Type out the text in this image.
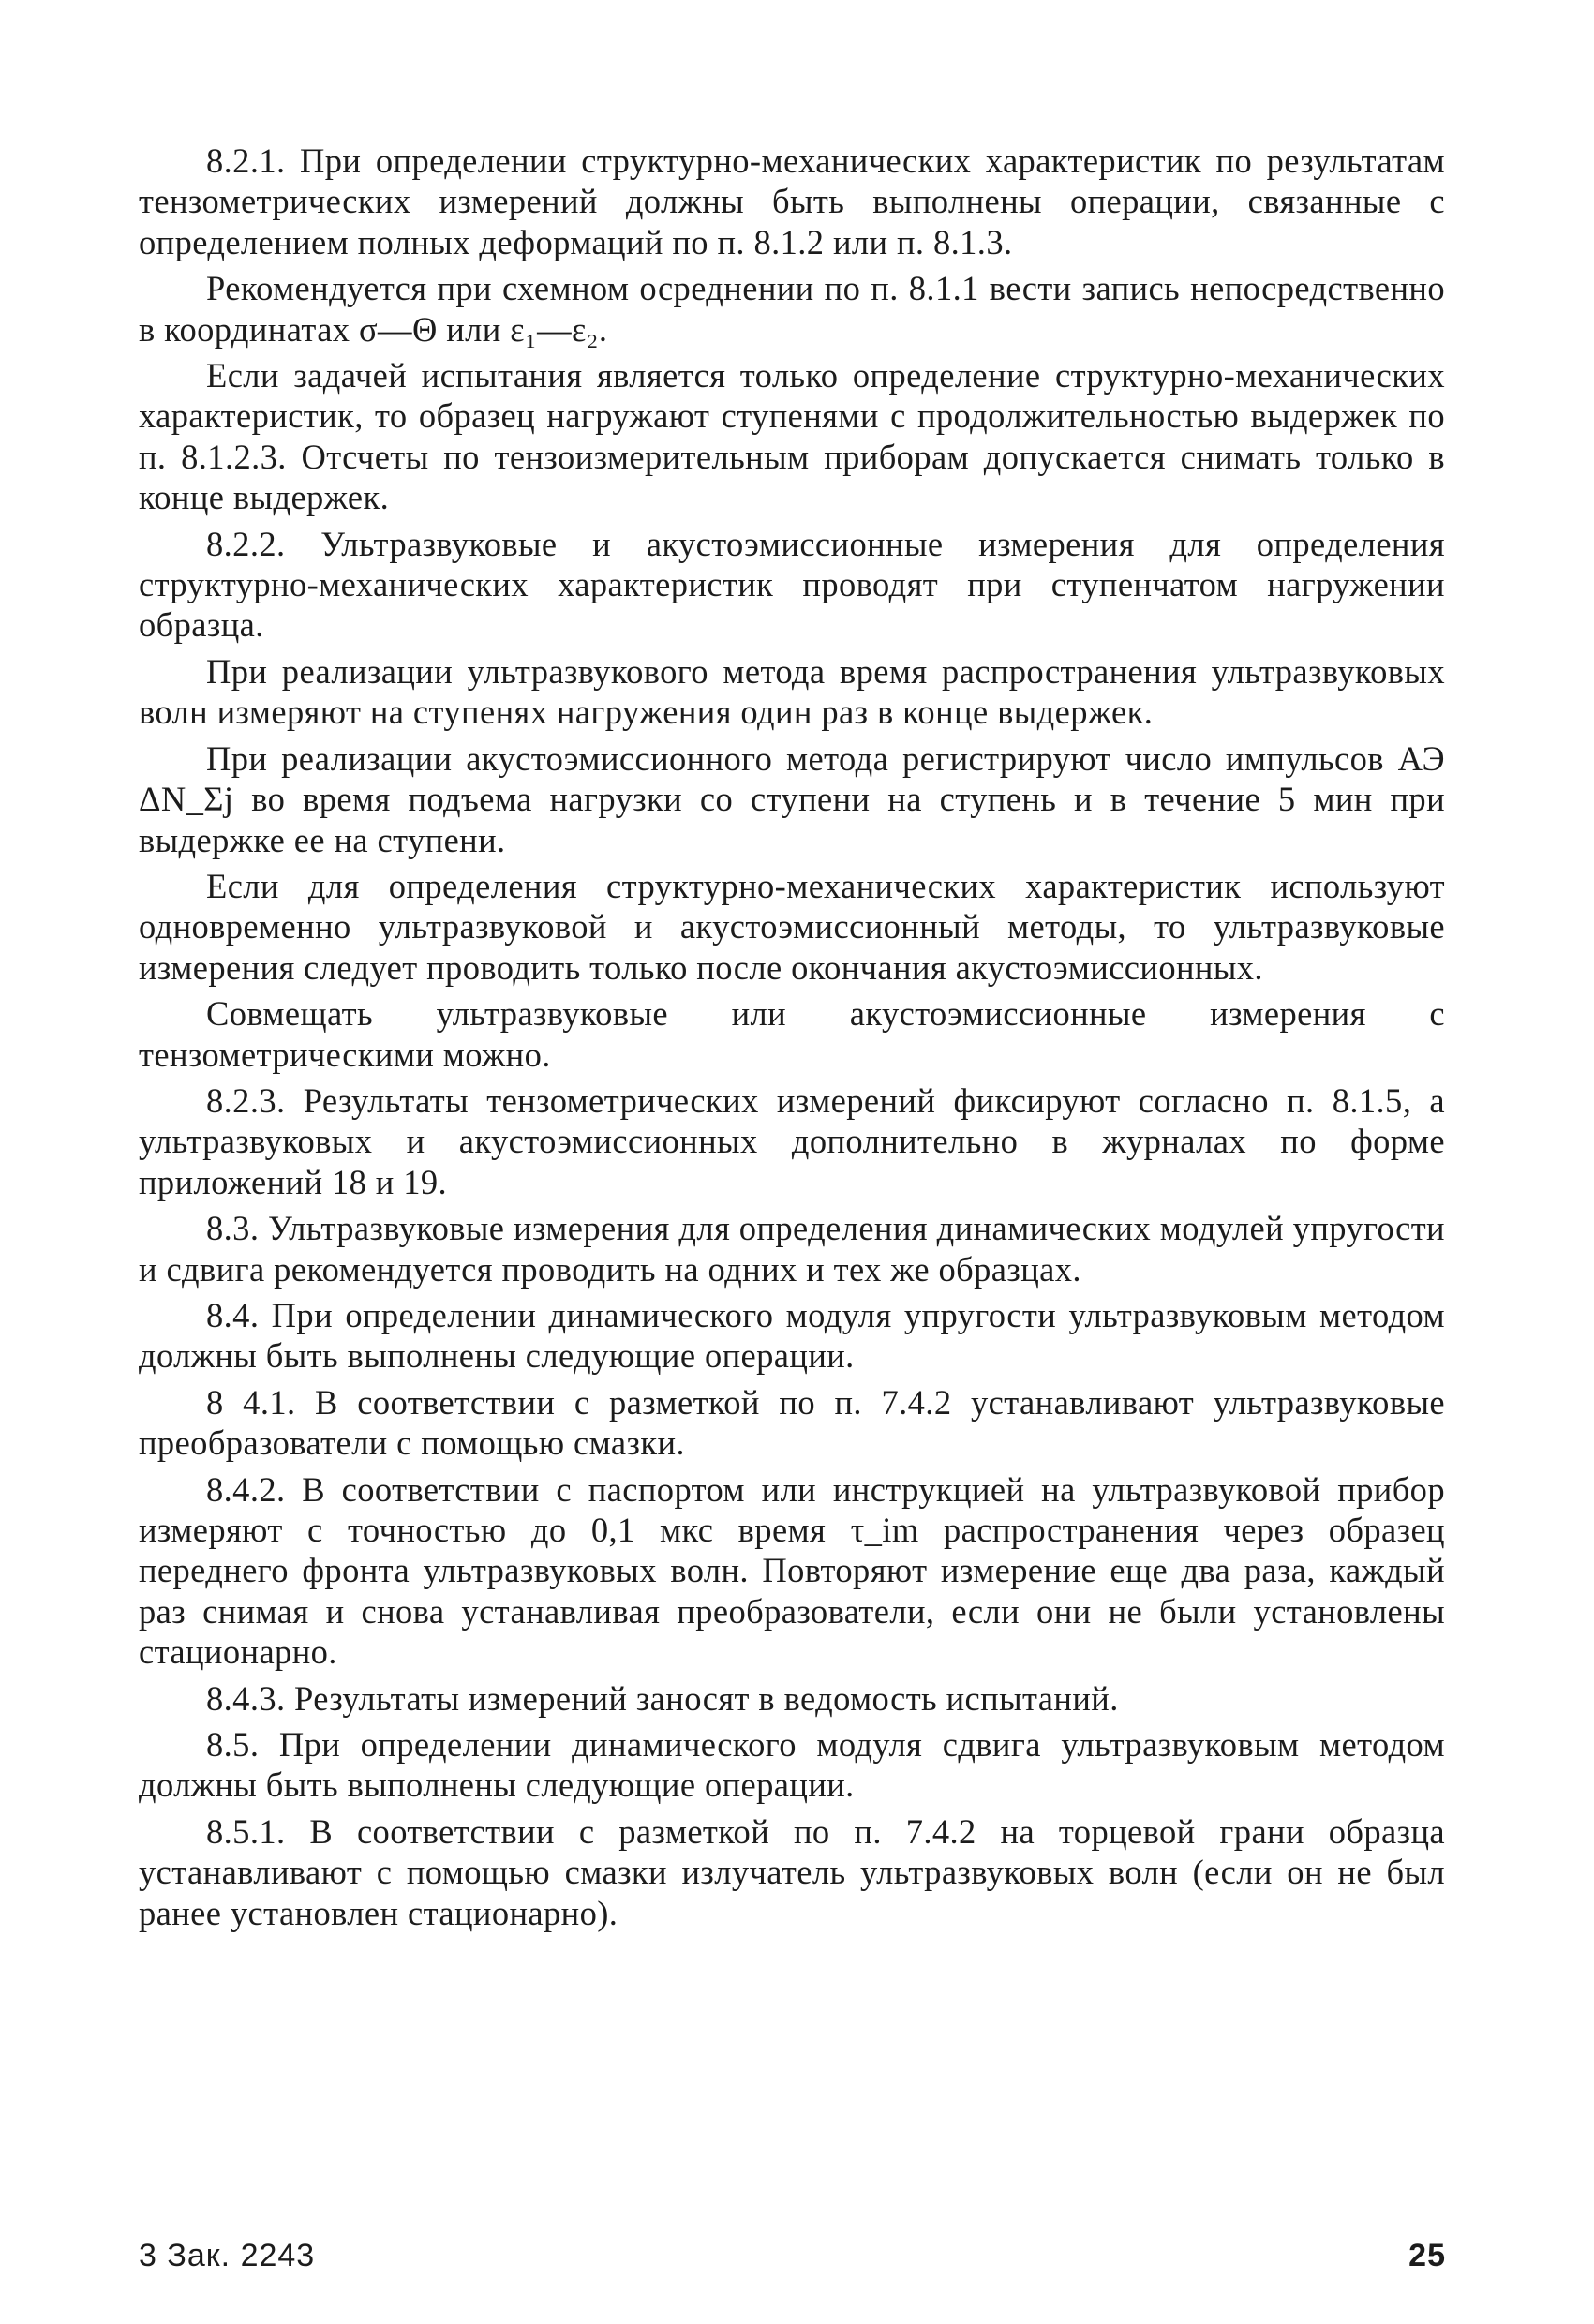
8.2.1. При определении структурно-механических характеристик по результатам тензометрических измерений должны быть выполнены операции, связанные с определением полных деформаций по п. 8.1.2 или п. 8.1.3.

Рекомендуется при схемном осреднении по п. 8.1.1 вести запись непосредственно в координатах σ—Θ или ε₁—ε₂.

Если задачей испытания является только определение структурно-механических характеристик, то образец нагружают ступенями с продолжительностью выдержек по п. 8.1.2.3. Отсчеты по тензоизмерительным приборам допускается снимать только в конце выдержек.

8.2.2. Ультразвуковые и акустоэмиссионные измерения для определения структурно-механических характеристик проводят при ступенчатом нагружении образца.

При реализации ультразвукового метода время распространения ультразвуковых волн измеряют на ступенях нагружения один раз в конце выдержек.

При реализации акустоэмиссионного метода регистрируют число импульсов АЭ ΔN_Σj во время подъема нагрузки со ступени на ступень и в течение 5 мин при выдержке ее на ступени.

Если для определения структурно-механических характеристик используют одновременно ультразвуковой и акустоэмиссионный методы, то ультразвуковые измерения следует проводить только после окончания акустоэмиссионных.

Совмещать ультразвуковые или акустоэмиссионные измерения с тензометрическими можно.

8.2.3. Результаты тензометрических измерений фиксируют согласно п. 8.1.5, а ультразвуковых и акустоэмиссионных дополнительно в журналах по форме приложений 18 и 19.

8.3. Ультразвуковые измерения для определения динамических модулей упругости и сдвига рекомендуется проводить на одних и тех же образцах.

8.4. При определении динамического модуля упругости ультразвуковым методом должны быть выполнены следующие операции.

8 4.1. В соответствии с разметкой по п. 7.4.2 устанавливают ультразвуковые преобразователи с помощью смазки.

8.4.2. В соответствии с паспортом или инструкцией на ультразвуковой прибор измеряют с точностью до 0,1 мкс время τ_im распространения через образец переднего фронта ультразвуковых волн. Повторяют измерение еще два раза, каждый раз снимая и снова устанавливая преобразователи, если они не были установлены стационарно.

8.4.3. Результаты измерений заносят в ведомость испытаний.

8.5. При определении динамического модуля сдвига ультразвуковым методом должны быть выполнены следующие операции.

8.5.1. В соответствии с разметкой по п. 7.4.2 на торцевой грани образца устанавливают с помощью смазки излучатель ультразвуковых волн (если он не был ранее установлен стационарно).

3 Зак. 2243	25
